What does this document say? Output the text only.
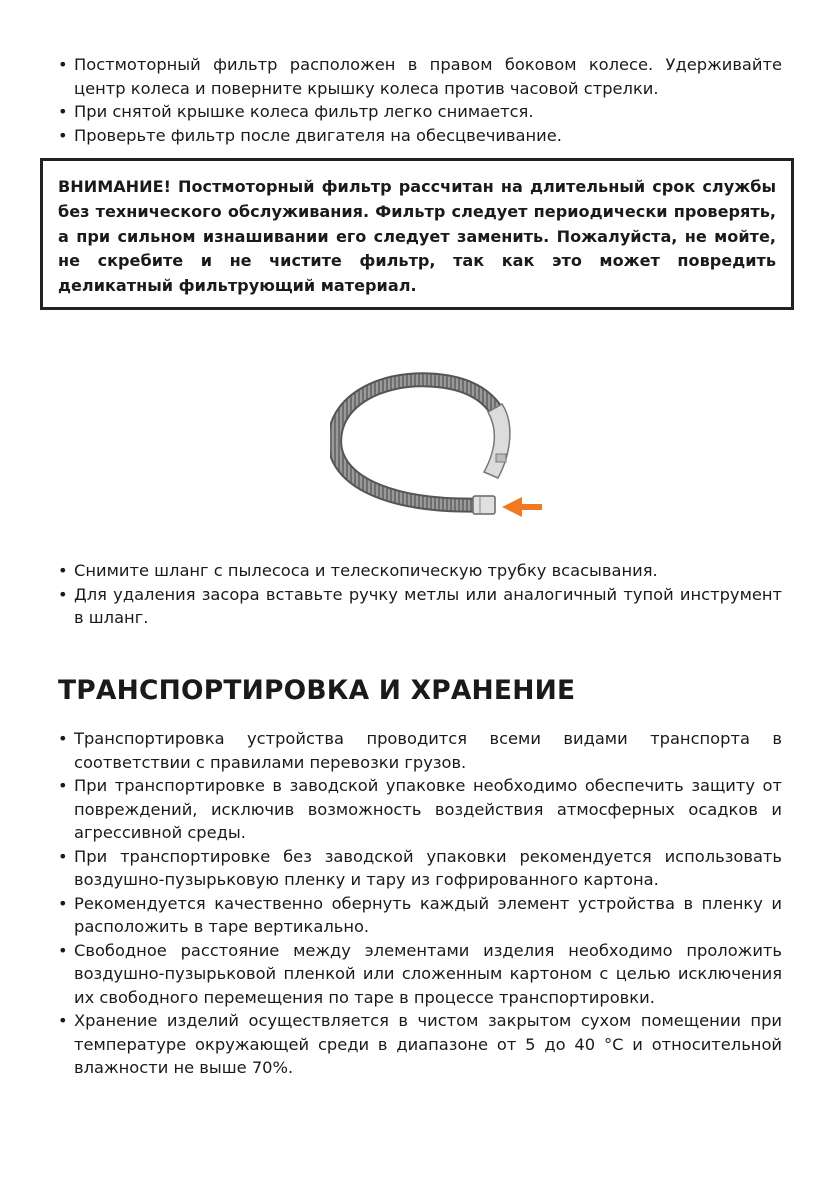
• Постмоторный фильтр расположен в правом боковом колесе. Удерживайте центр колеса и поверните крышку колеса против часовой стрелки.
• При снятой крышке колеса фильтр легко снимается.
• Проверьте фильтр после двигателя на обесцвечивание.

ВНИМАНИЕ! Постмоторный фильтр рассчитан на длительный срок службы без технического обслуживания. Фильтр следует периодически проверять, а при сильном изнашивании его следует заменить. Пожалуйста, не мойте, не скребите и не чистите фильтр, так как это может повредить деликатный фильтрующий материал.

• Снимите шланг с пылесоса и телескопическую трубку всасывания.
• Для удаления засора вставьте ручку метлы или аналогичный тупой инструмент в шланг.
ТРАНСПОРТИРОВКА И ХРАНЕНИЕ
• Транспортировка устройства проводится всеми видами транспорта в соответствии с правилами перевозки грузов.
• При транспортировке в заводской упаковке необходимо обеспечить защиту от повреждений, исключив возможность воздействия атмосферных осадков и агрессивной среды.
• При транспортировке без заводской упаковки рекомендуется использовать воздушно-пузырьковую пленку и тару из гофрированного картона.
• Рекомендуется качественно обернуть каждый элемент устройства в пленку и расположить в таре вертикально.
• Свободное расстояние между элементами изделия необходимо проложить воздушно-пузырьковой пленкой или сложенным картоном с целью исключения их свободного перемещения по таре в процессе транспортировки.
• Хранение изделий осуществляется в чистом закрытом сухом помещении при температуре окружающей среди в диапазоне от 5 до 40 °С и относительной влажности не выше 70%.
